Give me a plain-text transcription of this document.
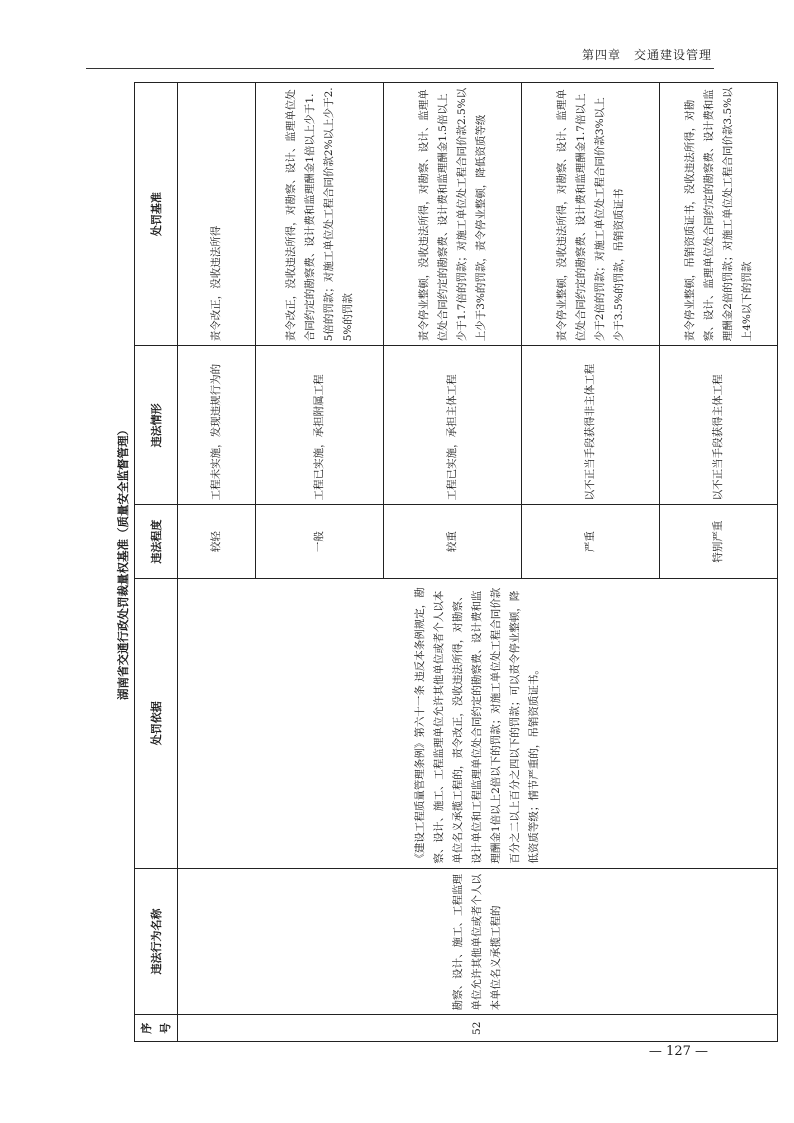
第四章　交通建设管理
湖南省交通行政处罚裁量权基准（质量安全监督管理）
序号	违法行为名称	处罚依据	违法程度	违法情形	处罚基准
52	勘察、设计、施工、工程监理单位允许其他单位或者个人以本单位名义承揽工程的	《建设工程质量管理条例》第六十一条 违反本条例规定，勘察、设计、施工、工程监理单位允许其他单位或者个人以本单位名义承揽工程的，责令改正，没收违法所得，对勘察、设计单位和工程监理单位处合同约定的勘察费、设计费和监理酬金1倍以上2倍以下的罚款；对施工单位处工程合同价款百分之二以上百分之四以下的罚款；可以责令停业整顿，降低资质等级；情节严重的，吊销资质证书。	较轻	工程未实施，发现违规行为的	责令改正，没收违法所得
			一般	工程已实施，承担附属工程	责令改正，没收违法所得，对勘察、设计、监理单位处合同约定的勘察费、设计费和监理酬金1倍以上少于1.5倍的罚款；对施工单位处工程合同价款2%以上少于2.5%的罚款

			较重	工程已实施，承担主体工程	责令停业整顿，没收违法所得，对勘察、设计、监理单位处合同约定的勘察费、设计费和监理酬金1.5倍以上少于1.7倍的罚款；对施工单位处工程合同价款2.5%以上少于3%的罚款，责令停业整顿，降低资质等级
			严重	以不正当手段获得非主体工程	责令停业整顿，没收违法所得，对勘察、设计、监理单位处合同约定的勘察费、设计费和监理酬金1.7倍以上少于2倍的罚款；对施工单位处工程合同价款3%以上少于3.5%的罚款，吊销资质证书
			特别严重	以不正当手段获得主体工程	责令停业整顿，吊销资质证书，没收违法所得，对勘察、设计、监理单位处合同约定的勘察费、设计费和监理酬金2倍的罚款；对施工单位处工程合同价款3.5%以上4%以下的罚款
— 127 —
